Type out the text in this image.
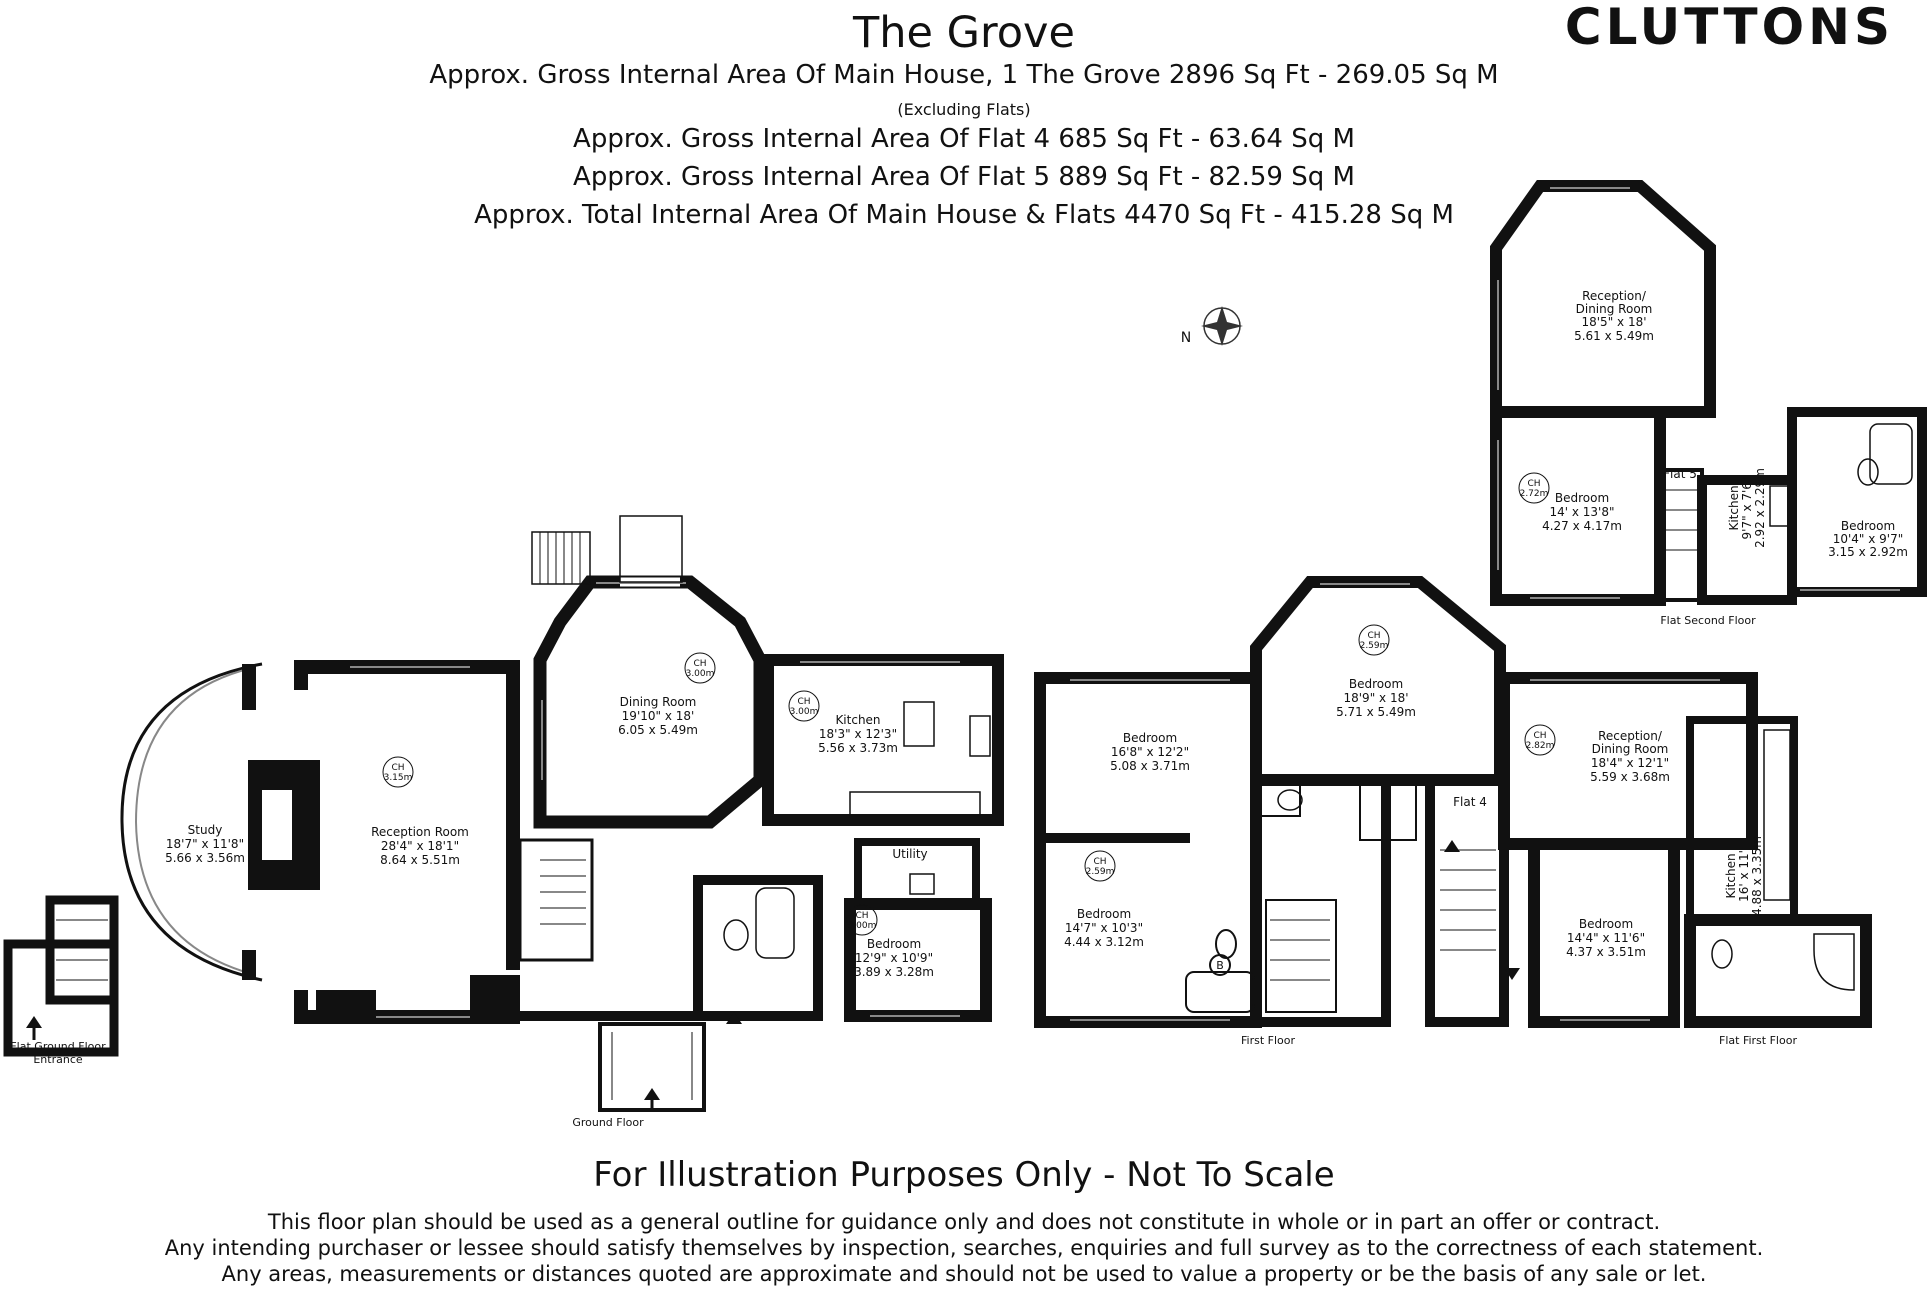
The Grove
Approx. Gross Internal Area Of Main House, 1 The Grove 2896 Sq Ft - 269.05 Sq M
(Excluding Flats)
Approx. Gross Internal Area Of Flat 4 685 Sq Ft - 63.64 Sq M
Approx. Gross Internal Area Of Flat 5 889 Sq Ft - 82.59 Sq M
Approx. Total Internal Area Of Main House & Flats 4470 Sq Ft - 415.28 Sq M
CLUTTONS
N
B
Study
18'7" x 11'8"
5.66 x 3.56m
CH
3.15m
Reception Room
28'4" x 18'1"
8.64 x 5.51m
CH
3.00m
Dining Room
19'10" x 18'
6.05 x 5.49m
CH
3.00m
Kitchen
18'3" x 12'3"
5.56 x 3.73m
Utility
CH
3.00m
Bedroom
12'9" x 10'9"
3.89 x 3.28m
Bedroom
16'8" x 12'2"
5.08 x 3.71m
CH
2.59m
Bedroom
18'9" x 18'
5.71 x 5.49m
CH
2.59m
Bedroom
14'7" x 10'3"
4.44 x 3.12m
Flat 4
CH
2.82m
Reception/
Dining Room
18'4" x 12'1"
5.59 x 3.68m
Kitchen 16' x 11' 4.88 x 3.35m
Bedroom
14'4" x 11'6"
4.37 x 3.51m
Reception/
Dining Room
18'5" x 18'
5.61 x 5.49m
CH
2.72m Bedroom
14' x 13'8"
4.27 x 4.17m
Flat 5
Kitchen 9'7" x 7'6" 2.92 x 2.29m	Bedroom
10'4" x 9'7"
3.15 x 2.92m
Ground Floor
First Floor	Flat First Floor
Flat Second Floor
Flat Ground Floor
Entrance
For Illustration Purposes Only - Not To Scale
This floor plan should be used as a general outline for guidance only and does not constitute in whole or in part an offer or contract.
Any intending purchaser or lessee should satisfy themselves by inspection, searches, enquiries and full survey as to the correctness of each statement.
Any areas, measurements or distances quoted are approximate and should not be used to value a property or be the basis of any sale or let.
